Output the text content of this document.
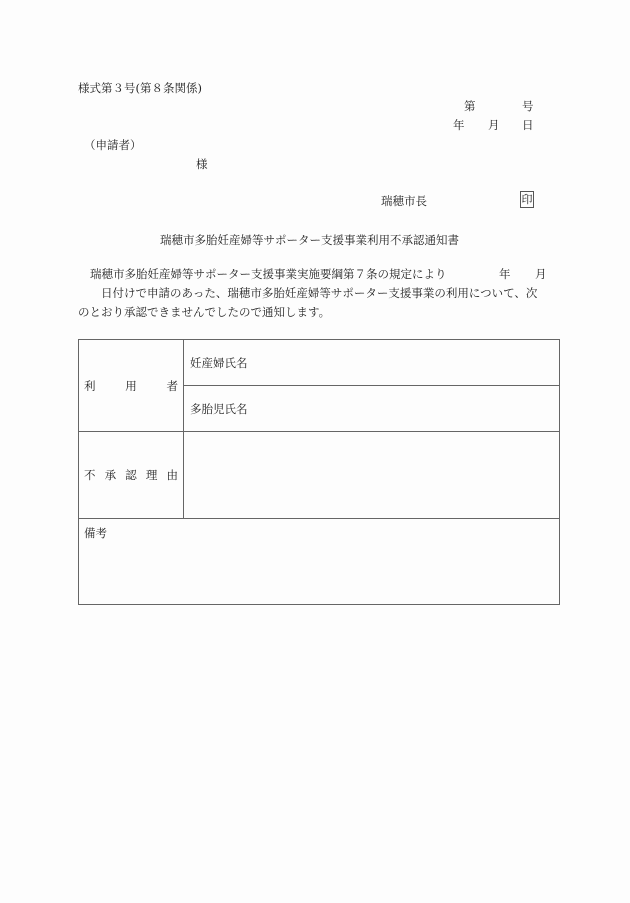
様式第３号(第８条関係)
第	号
年 月 日
（申請者）
様
瑞穂市長	印
瑞穂市多胎妊産婦等サポーター支援事業利用不承認通知書
瑞穂市多胎妊産婦等サポーター支援事業実施要綱第７条の規定により	年 月
日付けで申請のあった、瑞穂市多胎妊産婦等サポーター支援事業の利用について、次
のとおり承認できませんでしたので通知します。
利 用 者	妊産婦氏名
	多胎児氏名

不 承 認 理 由	

備考	
